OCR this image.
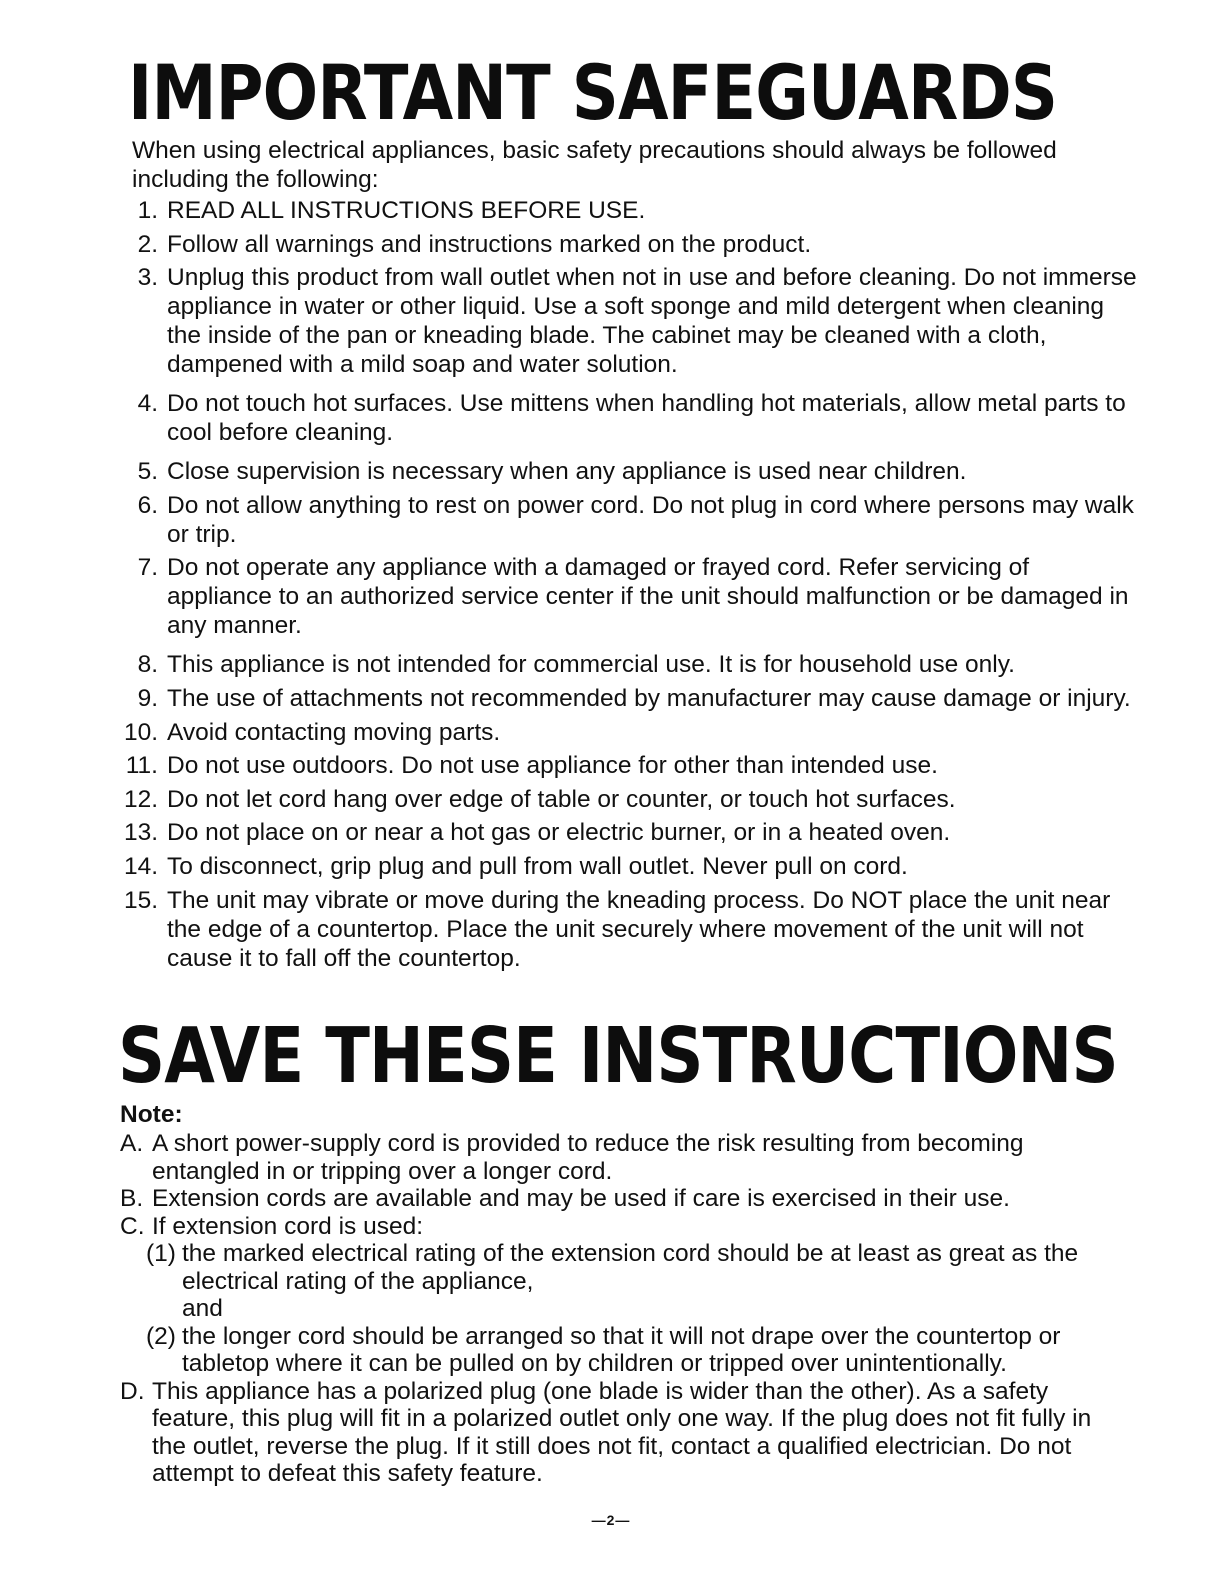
IMPORTANT SAFEGUARDS
When using electrical appliances, basic safety precautions should always be followed including the following:
1. READ ALL INSTRUCTIONS BEFORE USE.
2. Follow all warnings and instructions marked on the product.
3. Unplug this product from wall outlet when not in use and before cleaning. Do not immerse appliance in water or other liquid. Use a soft sponge and mild detergent when cleaning the inside of the pan or kneading blade. The cabinet may be cleaned with a cloth, dampened with a mild soap and water solution.
4. Do not touch hot surfaces. Use mittens when handling hot materials, allow metal parts to cool before cleaning.
5. Close supervision is necessary when any appliance is used near children.
6. Do not allow anything to rest on power cord. Do not plug in cord where persons may walk or trip.
7. Do not operate any appliance with a damaged or frayed cord. Refer servicing of appliance to an authorized service center if the unit should malfunction or be damaged in any manner.
8. This appliance is not intended for commercial use. It is for household use only.
9. The use of attachments not recommended by manufacturer may cause damage or injury.
10. Avoid contacting moving parts.
11. Do not use outdoors. Do not use appliance for other than intended use.
12. Do not let cord hang over edge of table or counter, or touch hot surfaces.
13. Do not place on or near a hot gas or electric burner, or in a heated oven.
14. To disconnect, grip plug and pull from wall outlet. Never pull on cord.
15. The unit may vibrate or move during the kneading process. Do NOT place the unit near the edge of a countertop. Place the unit securely where movement of the unit will not cause it to fall off the countertop.
SAVE THESE INSTRUCTIONS
Note:
A. A short power-supply cord is provided to reduce the risk resulting from becoming entangled in or tripping over a longer cord.
B. Extension cords are available and may be used if care is exercised in their use.
C. If extension cord is used:
(1) the marked electrical rating of the extension cord should be at least as great as the electrical rating of the appliance,
and
(2) the longer cord should be arranged so that it will not drape over the countertop or tabletop where it can be pulled on by children or tripped over unintentionally.
D. This appliance has a polarized plug (one blade is wider than the other). As a safety feature, this plug will fit in a polarized outlet only one way. If the plug does not fit fully in the outlet, reverse the plug. If it still does not fit, contact a qualified electrician. Do not attempt to defeat this safety feature.
—2—
